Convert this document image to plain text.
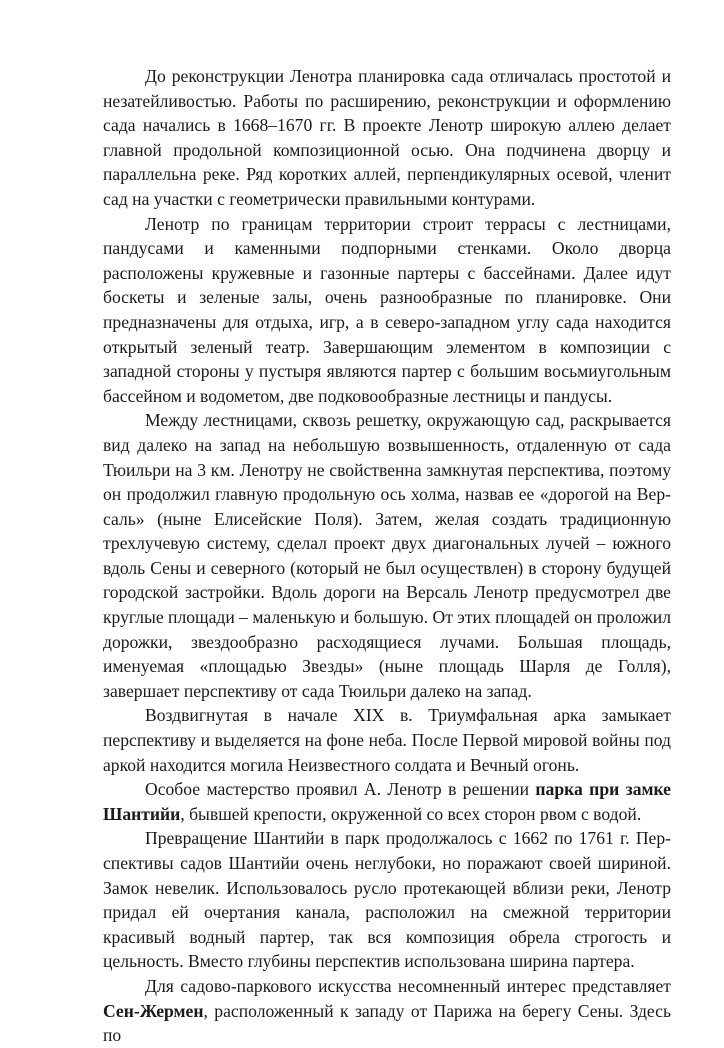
До реконструкции Ленотра планировка сада отличалась простотой и незатейливостью. Работы по расширению, реконструкции и оформлению сада начались в 1668–1670 гг. В проекте Ленотр широкую аллею делает главной продольной композиционной осью. Она подчинена дворцу и параллельна реке. Ряд коротких аллей, перпендикулярных осевой, членит сад на участки с геометрически правильными контурами.

Ленотр по границам территории строит террасы с лестницами, пандусами и каменными подпорными стенками. Около дворца расположены кружевные и газонные партеры с бассейнами. Далее идут боскеты и зеленые залы, очень разнообразные по планировке. Они предназначены для отдыха, игр, а в северо-западном углу сада находится открытый зеленый театр. Завершающим элементом в композиции с западной стороны у пустыря являются партер с большим восьмиугольным бассейном и водометом, две подковообразные лестницы и пандусы.

Между лестницами, сквозь решетку, окружающую сад, раскрывается вид далеко на запад на небольшую возвышенность, отдаленную от сада Тюильри на 3 км. Ленотру не свойственна замкнутая перспектива, поэтому он продолжил главную продольную ось холма, назвав ее «дорогой на Версаль» (ныне Елисейские Поля). Затем, желая создать традиционную трехлучевую систему, сделал проект двух диагональных лучей – южного вдоль Сены и северного (который не был осуществлен) в сторону будущей городской застройки. Вдоль дороги на Версаль Ленотр предусмотрел две круглые площади – маленькую и большую. От этих площадей он проложил дорожки, звездообразно расходящиеся лучами. Большая площадь, именуемая «площадью Звезды» (ныне площадь Шарля де Голля), завершает перспективу от сада Тюильри далеко на запад.

Воздвигнутая в начале XIX в. Триумфальная арка замыкает перспективу и выделяется на фоне неба. После Первой мировой войны под аркой находится могила Неизвестного солдата и Вечный огонь.

Особое мастерство проявил А. Ленотр в решении парка при замке Шантийи, бывшей крепости, окруженной со всех сторон рвом с водой.

Превращение Шантийи в парк продолжалось с 1662 по 1761 г. Перспективы садов Шантийи очень неглубоки, но поражают своей шириной. Замок невелик. Использовалось русло протекающей вблизи реки, Ленотр придал ей очертания канала, расположил на смежной территории красивый водный партер, так вся композиция обрела строгость и цельность. Вместо глубины перспектив использована ширина партера.

Для садово-паркового искусства несомненный интерес представляет Сен-Жермен, расположенный к западу от Парижа на берегу Сены. Здесь по
